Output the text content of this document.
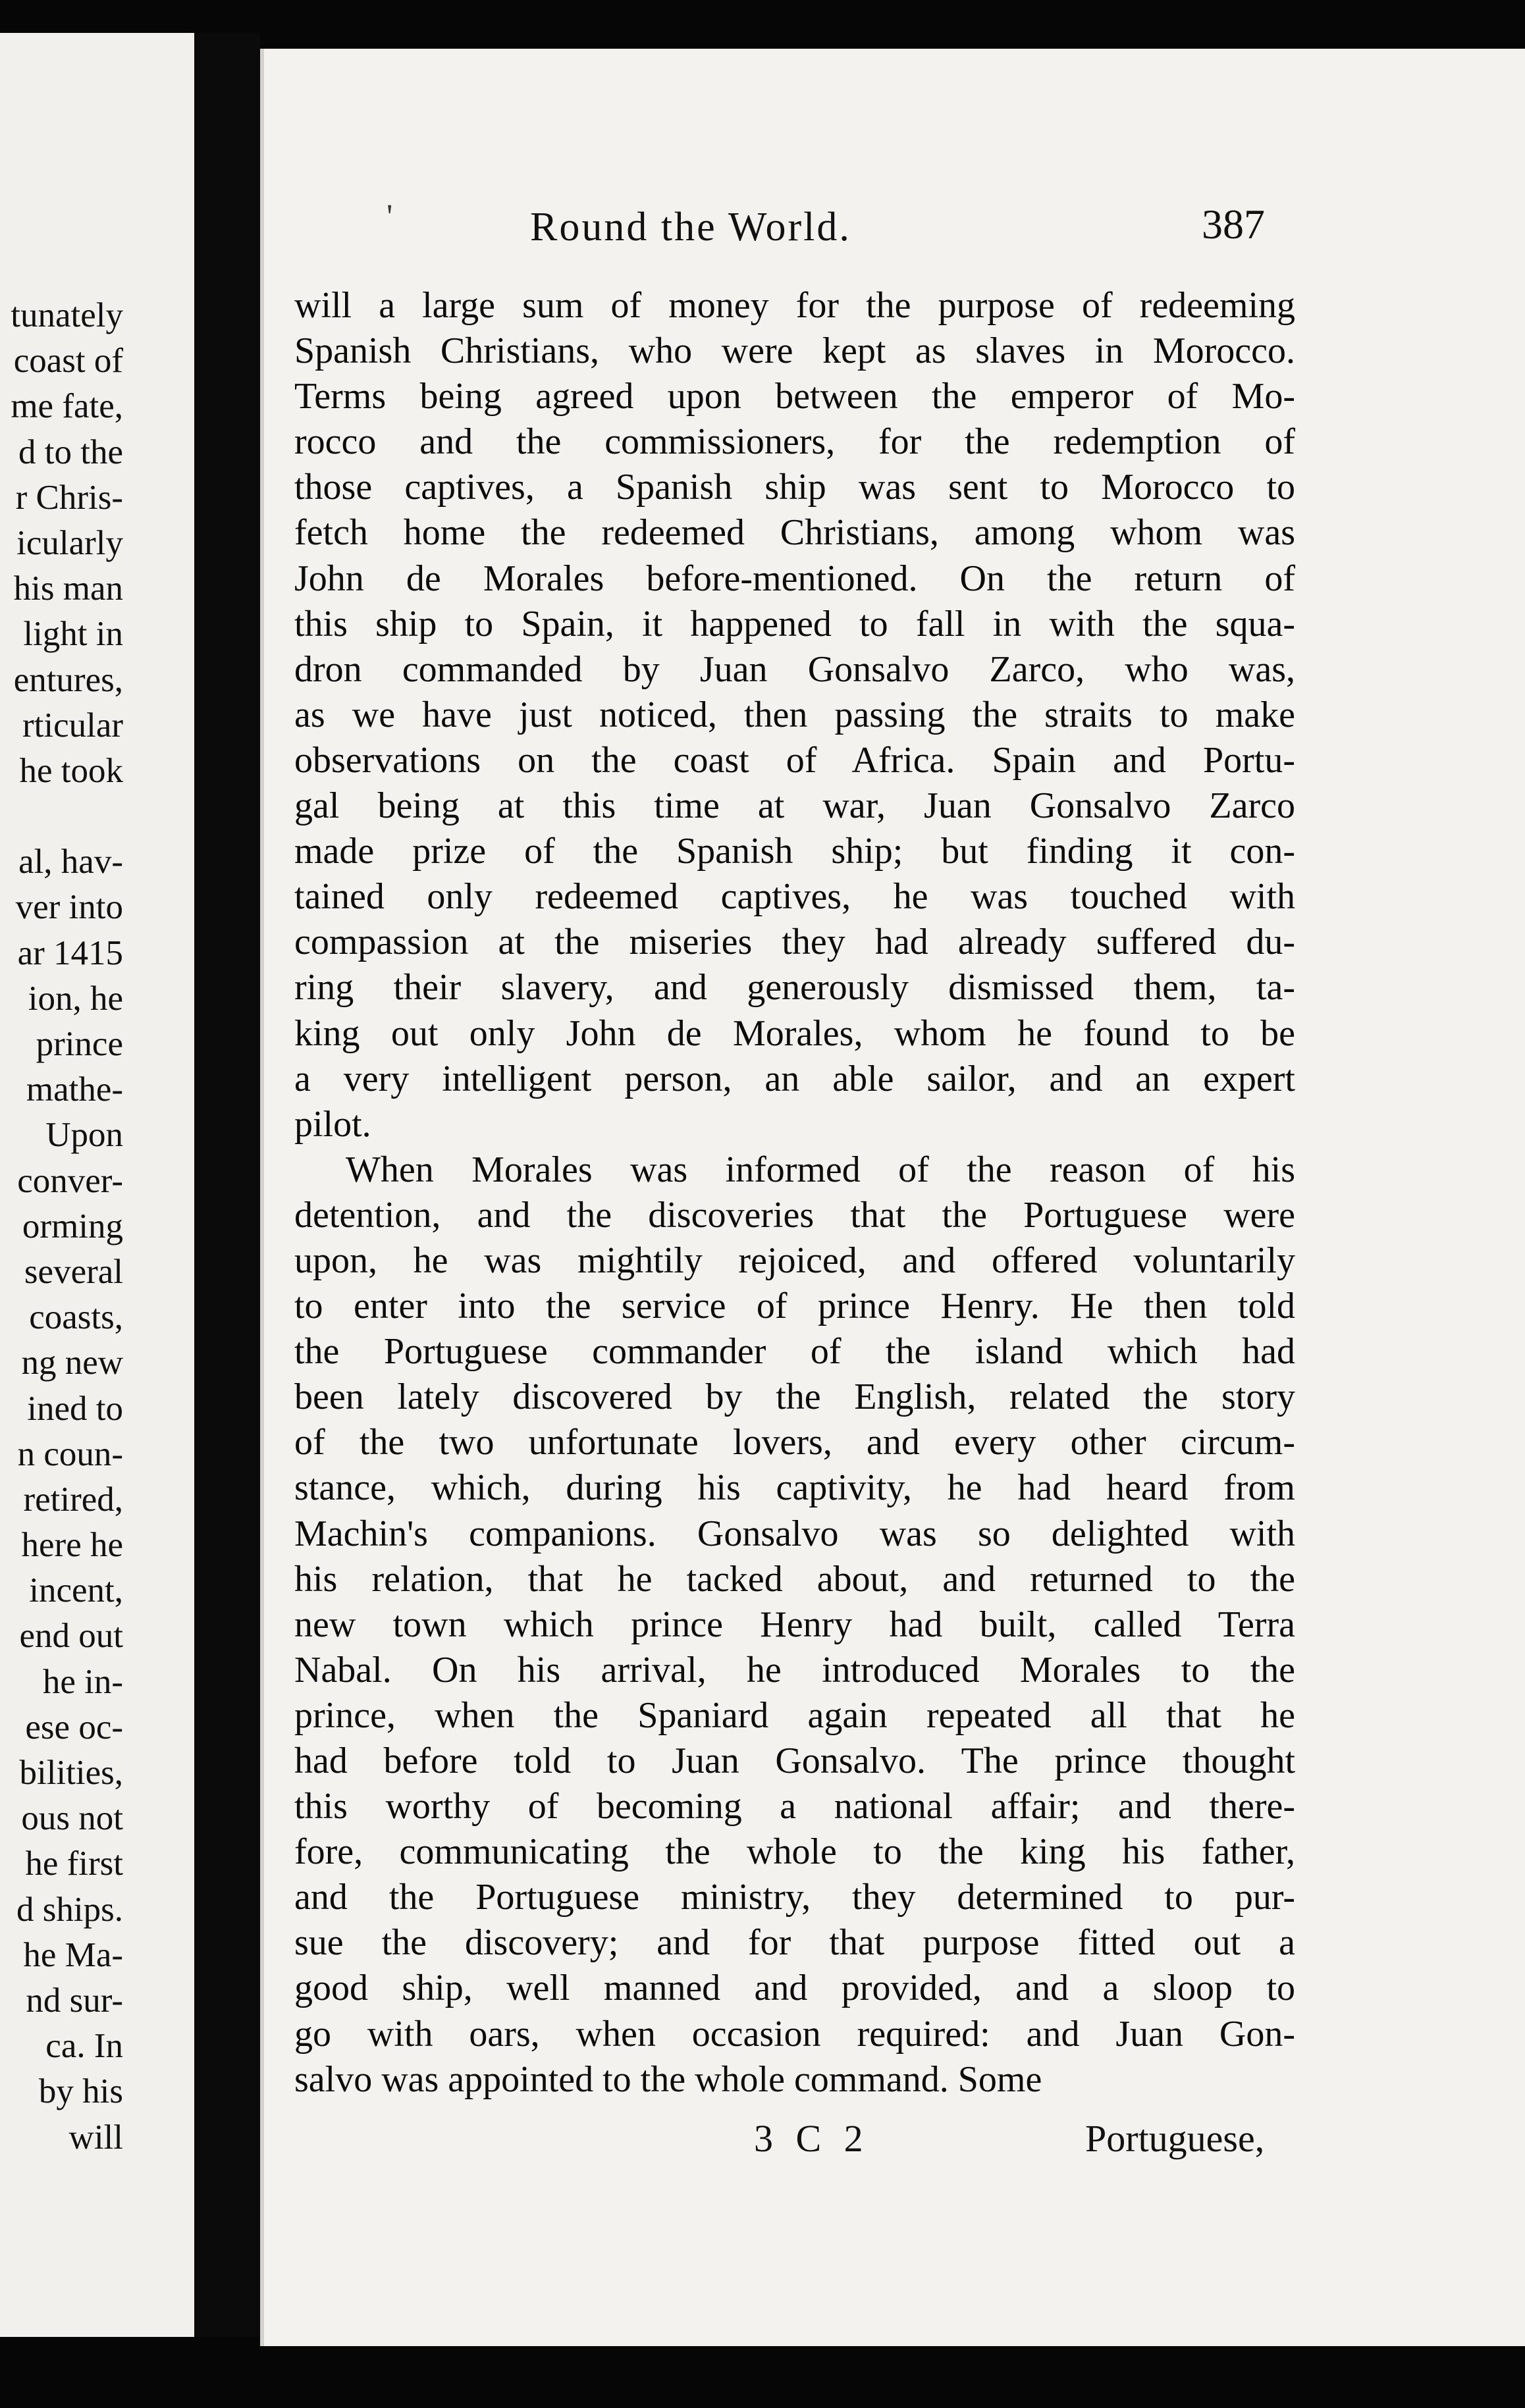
tunately
coast of
me fate,
d to the
r Chris-
icularly
his man
light in
entures,
rticular
he took
al, hav-
ver into
ar 1415
ion, he
prince
mathe-
Upon
conver-
orming
several
coasts,
ng new
ined to
n coun-
retired,
here he
incent,
end out
he in-
ese oc-
bilities,
ous not
he first
d ships.
he Ma-
nd sur-
ca. In
by his
will
'	Round the World.	387
will a large sum of money for the purpose of redeeming
Spanish Christians, who were kept as slaves in Morocco.
Terms being agreed upon between the emperor of Mo-
rocco and the commissioners, for the redemption of
those captives, a Spanish ship was sent to Morocco to
fetch home the redeemed Christians, among whom was
John de Morales before-mentioned. On the return of
this ship to Spain, it happened to fall in with the squa-
dron commanded by Juan Gonsalvo Zarco, who was,
as we have just noticed, then passing the straits to make
observations on the coast of Africa. Spain and Portu-
gal being at this time at war, Juan Gonsalvo Zarco
made prize of the Spanish ship; but finding it con-
tained only redeemed captives, he was touched with
compassion at the miseries they had already suffered du-
ring their slavery, and generously dismissed them, ta-
king out only John de Morales, whom he found to be
a very intelligent person, an able sailor, and an expert
pilot.
When Morales was informed of the reason of his
detention, and the discoveries that the Portuguese were
upon, he was mightily rejoiced, and offered voluntarily
to enter into the service of prince Henry. He then told
the Portuguese commander of the island which had
been lately discovered by the English, related the story
of the two unfortunate lovers, and every other circum-
stance, which, during his captivity, he had heard from
Machin's companions. Gonsalvo was so delighted with
his relation, that he tacked about, and returned to the
new town which prince Henry had built, called Terra
Nabal. On his arrival, he introduced Morales to the
prince, when the Spaniard again repeated all that he
had before told to Juan Gonsalvo. The prince thought
this worthy of becoming a national affair; and there-
fore, communicating the whole to the king his father,
and the Portuguese ministry, they determined to pur-
sue the discovery; and for that purpose fitted out a
good ship, well manned and provided, and a sloop to
go with oars, when occasion required: and Juan Gon-
salvo was appointed to the whole command. Some
3 C 2	Portuguese,
